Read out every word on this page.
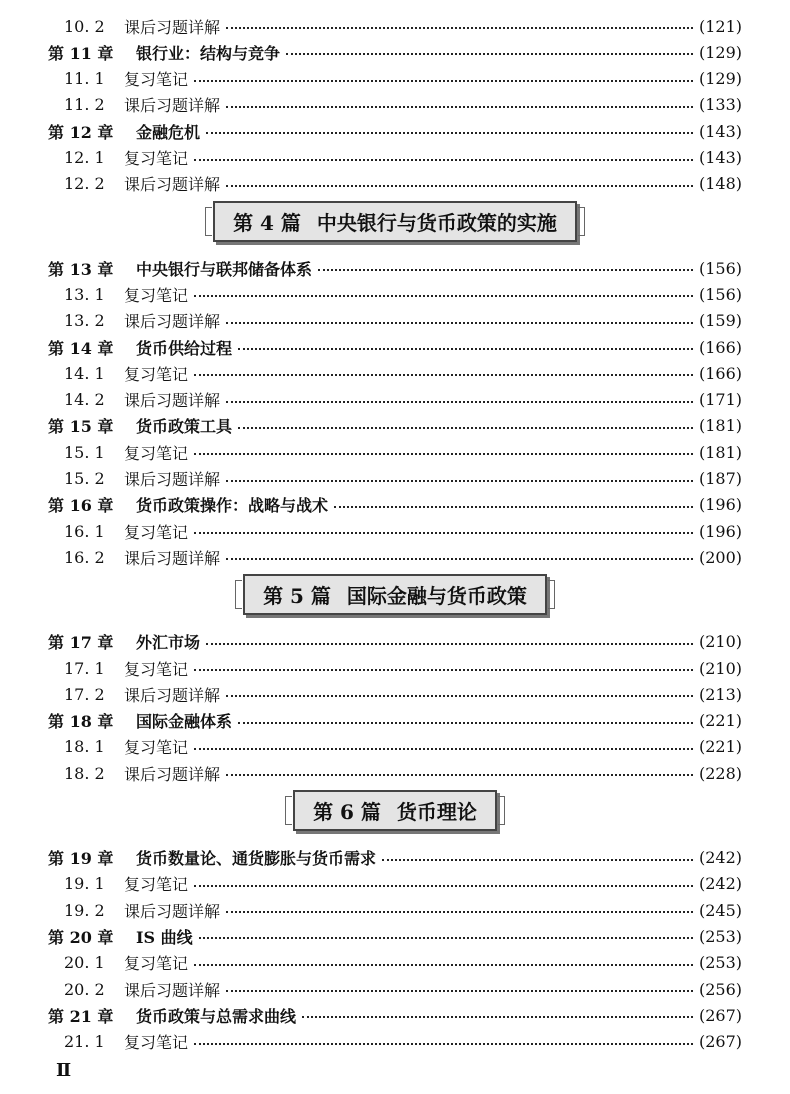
10. 2	课后习题详解	(121)
第 11 章	银行业：结构与竞争	(129)
11. 1	复习笔记	(129)
11. 2	课后习题详解	(133)
第 12 章	金融危机	(143)
12. 1	复习笔记	(143)
12. 2	课后习题详解	(148)
第 4 篇 中央银行与货币政策的实施
第 13 章	中央银行与联邦储备体系	(156)
13. 1	复习笔记	(156)
13. 2	课后习题详解	(159)
第 14 章	货币供给过程	(166)
14. 1	复习笔记	(166)
14. 2	课后习题详解	(171)
第 15 章	货币政策工具	(181)
15. 1	复习笔记	(181)
15. 2	课后习题详解	(187)
第 16 章	货币政策操作：战略与战术	(196)
16. 1	复习笔记	(196)
16. 2	课后习题详解	(200)
第 5 篇 国际金融与货币政策
第 17 章	外汇市场	(210)
17. 1	复习笔记	(210)
17. 2	课后习题详解	(213)
第 18 章	国际金融体系	(221)
18. 1	复习笔记	(221)
18. 2	课后习题详解	(228)
第 6 篇 货币理论
第 19 章	货币数量论、通货膨胀与货币需求	(242)
19. 1	复习笔记	(242)
19. 2	课后习题详解	(245)
第 20 章	IS 曲线	(253)
20. 1	复习笔记	(253)
20. 2	课后习题详解	(256)
第 21 章	货币政策与总需求曲线	(267)
21. 1	复习笔记	(267)
Ⅱ
